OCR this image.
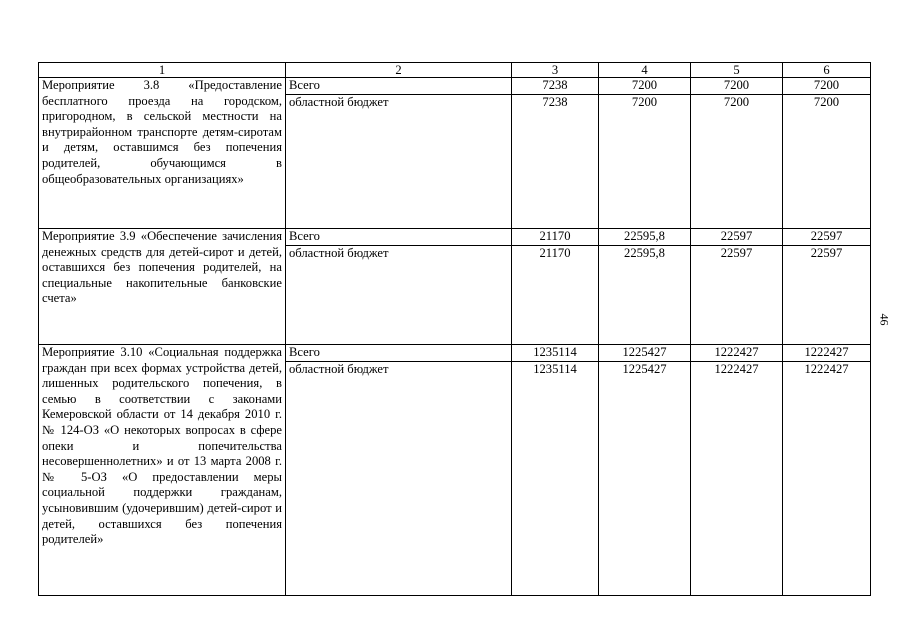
1	2	3	4	5	6
Мероприятие 3.8 «Предоставление бесплатного проезда на городском, пригородном, в сельской местности на внутрирайонном транспорте детям-сиротам и детям, оставшимся без попечения родителей, обучающимся в общеобразовательных организациях»	Всего	7238	7200	7200	7200
	областной бюджет	7238	7200	7200	7200
Мероприятие 3.9 «Обеспечение зачисления денежных средств для детей-сирот и детей, оставшихся без попечения родителей, на специальные накопительные банковские счета»	Всего	21170	22595,8	22597	22597
	областной бюджет	21170	22595,8	22597	22597
Мероприятие 3.10 «Социальная поддержка граждан при всех формах устройства детей, лишенных родительского попечения, в семью в соответствии с законами Кемеровской области от 14 декабря 2010 г. № 124-ОЗ «О некоторых вопросах в сфере опеки и попечительства несовершеннолетних» и от 13 марта 2008 г. № 5-ОЗ «О предоставлении меры социальной поддержки гражданам, усыновившим (удочерившим) детей-сирот и детей, оставшихся без попечения родителей»	Всего	1235114	1225427	1222427	1222427
	областной бюджет	1235114	1225427	1222427	1222427
46
